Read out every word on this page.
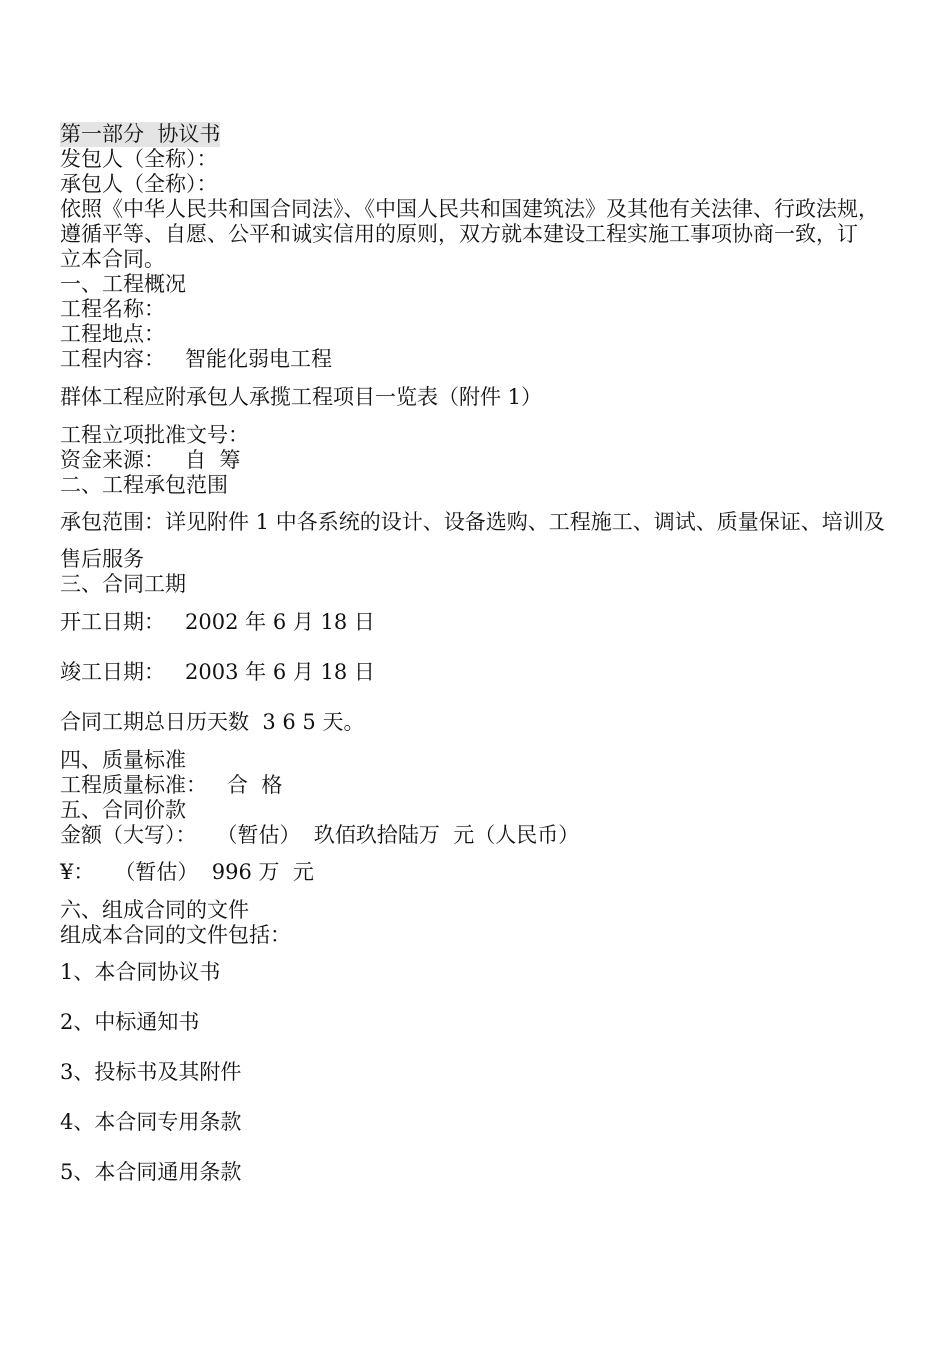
第一部分  协议书

发包人（全称）：

承包人（全称）：

依照《中华人民共和国合同法》、《中国人民共和国建筑法》及其他有关法律、行政法规，

遵循平等、自愿、公平和诚实信用的原则，双方就本建设工程实施工事项协商一致，订

立本合同。

一、工程概况

工程名称：

工程地点：

工程内容：   智能化弱电工程

群体工程应附承包人承揽工程项目一览表（附件 1）

工程立项批准文号：

资金来源：   自  筹

二、工程承包范围

承包范围：详见附件 1 中各系统的设计、设备选购、工程施工、调试、质量保证、培训及

售后服务

三、合同工期

开工日期：   2002 年 6 月 18 日

竣工日期：   2003 年 6 月 18 日

合同工期总日历天数  3 6 5 天。

四、质量标准

工程质量标准：   合  格

五、合同价款

金额（大写）：   （暂估）  玖佰玖拾陆万  元（人民币）

¥：   （暂估）  996 万  元

六、组成合同的文件

组成本合同的文件包括：

1、本合同协议书

2、中标通知书

3、投标书及其附件

4、本合同专用条款

5、本合同通用条款
